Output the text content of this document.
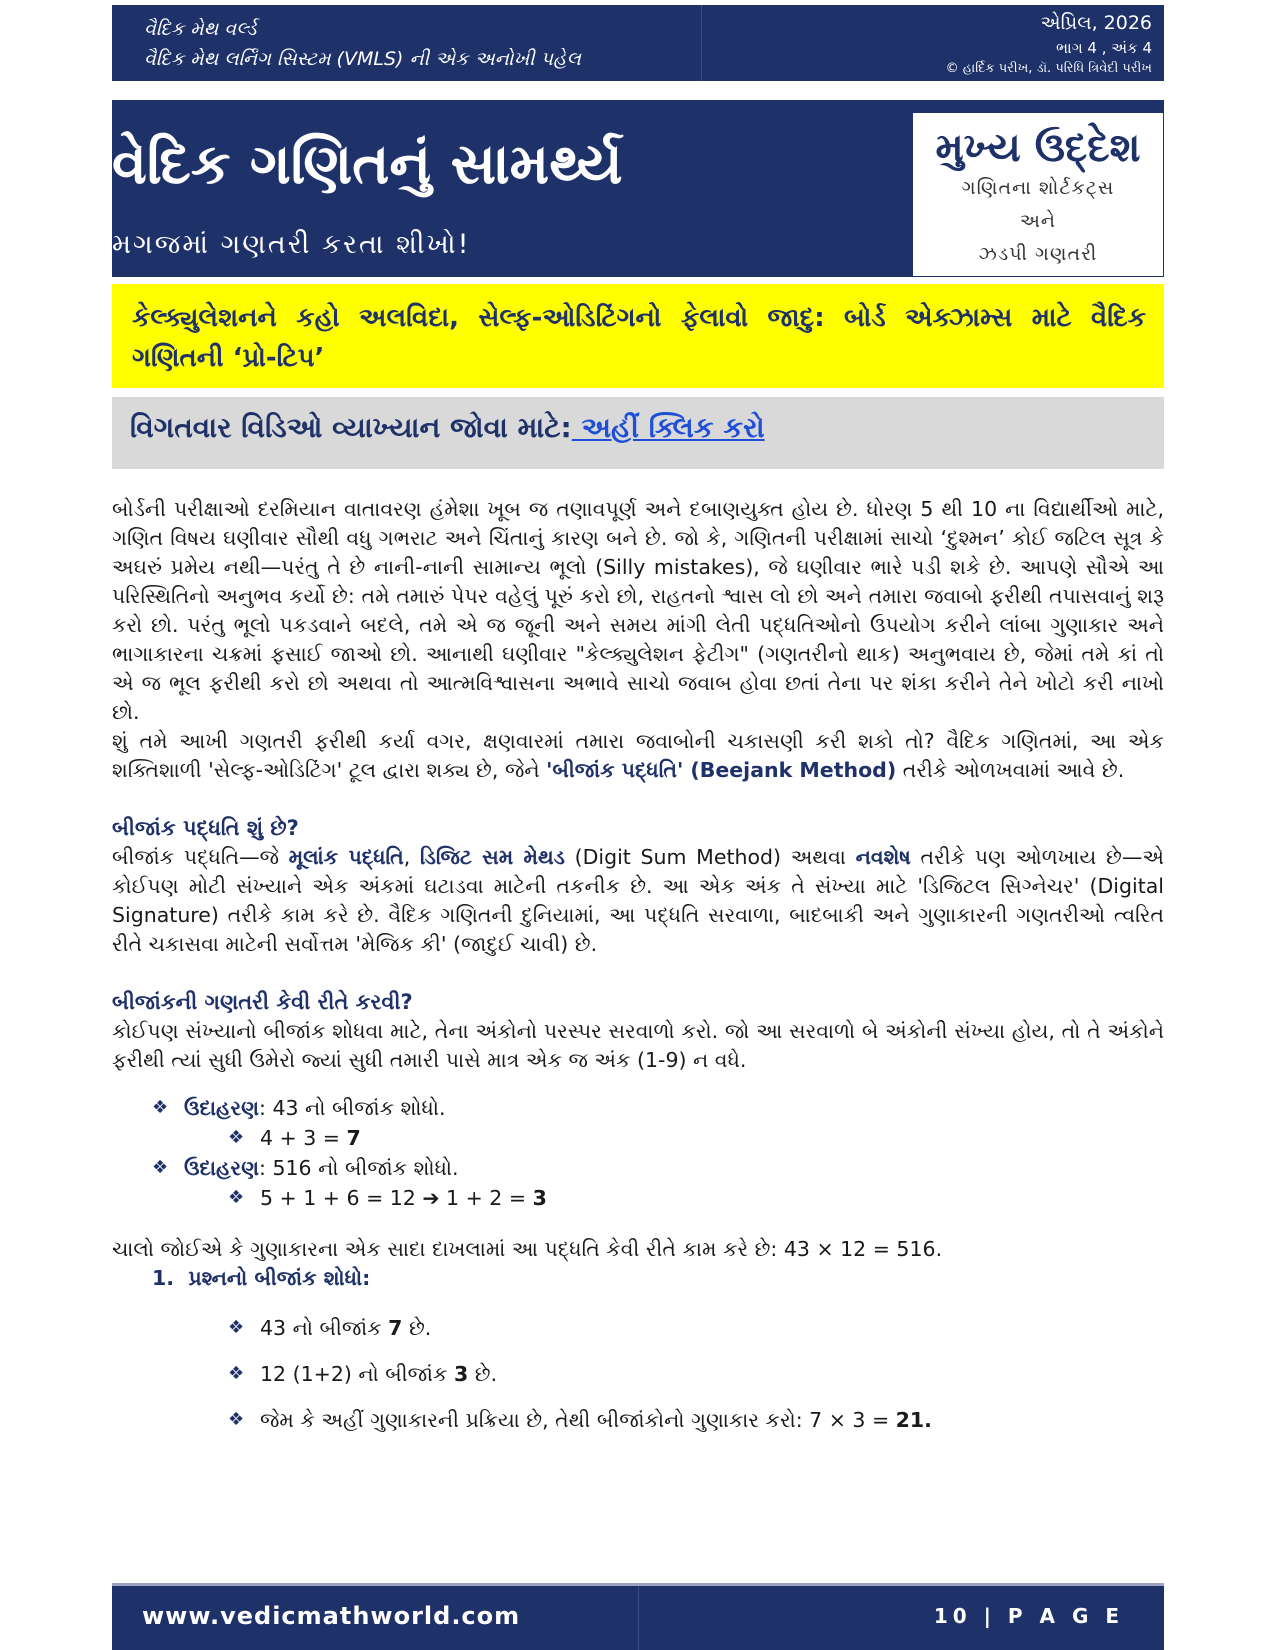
વૈદિક મેથ વર્લ્ડ
વૈદિક મેથ લર્નિંગ સિસ્ટમ (VMLS) ની એક અનોખી પહેલ
એપ્રિલ, 2026
ભાગ 4 , અંક 4
© હાર્દિક પરીખ, ડૉ. પરિધિ ત્રિવેદી પરીખ
વેદિક ગણિતનું સામર્થ્ય
મગજમાં ગણતરી કરતા શીખો!
મુખ્ય ઉદ્દેશ
ગણિતના શોર્ટકટ્સ
અને
ઝડપી ગણતરી
કેલ્ક્યુલેશનને કહો અલવિદા, સેલ્ફ-ઓડિટિંગનો ફેલાવો જાદુ: બોર્ડ એક્ઝામ્સ માટે વૈદિક ગણિતની ‘પ્રો-ટિપ’
વિગતવાર વિડિઓ વ્યાખ્યાન જોવા માટે: અહીં ક્લિક કરો

બોર્ડની પરીક્ષાઓ દરમિયાન વાતાવરણ હંમેશા ખૂબ જ તણાવપૂર્ણ અને દબાણયુક્ત હોય છે. ધોરણ 5 થી 10 ના વિદ્યાર્થીઓ માટે, ગણિત વિષય ઘણીવાર સૌથી વધુ ગભરાટ અને ચિંતાનું કારણ બને છે. જો કે, ગણિતની પરીક્ષામાં સાચો ‘દુશ્મન’ કોઈ જટિલ સૂત્ર કે અઘરું પ્રમેય નથી—પરંતુ તે છે નાની-નાની સામાન્ય ભૂલો (Silly mistakes), જે ઘણીવાર ભારે પડી શકે છે. આપણે સૌએ આ પરિસ્થિતિનો અનુભવ કર્યો છે: તમે તમારું પેપર વહેલું પૂરું કરો છો, રાહતનો શ્વાસ લો છો અને તમારા જવાબો ફરીથી તપાસવાનું શરૂ કરો છો. પરંતુ ભૂલો પકડવાને બદલે, તમે એ જ જૂની અને સમય માંગી લેતી પદ્ધતિઓનો ઉપયોગ કરીને લાંબા ગુણાકાર અને ભાગાકારના ચક્રમાં ફસાઈ જાઓ છો. આનાથી ઘણીવાર "કેલ્ક્યુલેશન ફેટીગ" (ગણતરીનો થાક) અનુભવાય છે, જેમાં તમે કાં તો એ જ ભૂલ ફરીથી કરો છો અથવા તો આત્મવિશ્વાસના અભાવે સાચો જવાબ હોવા છતાં તેના પર શંકા કરીને તેને ખોટો કરી નાખો છો.

શું તમે આખી ગણતરી ફરીથી કર્યા વગર, ક્ષણવારમાં તમારા જવાબોની ચકાસણી કરી શકો તો? વૈદિક ગણિતમાં, આ એક શક્તિશાળી 'સેલ્ફ-ઓડિટિંગ' ટૂલ દ્વારા શક્ય છે, જેને 'બીજાંક પદ્ધતિ' (Beejank Method) તરીકે ઓળખવામાં આવે છે.

બીજાંક પદ્ધતિ શું છે?

બીજાંક પદ્ધતિ—જે મૂલાંક પદ્ધતિ, ડિજિટ સમ મેથડ (Digit Sum Method) અથવા નવશેષ તરીકે પણ ઓળખાય છે—એ કોઈપણ મોટી સંખ્યાને એક અંકમાં ઘટાડવા માટેની તકનીક છે. આ એક અંક તે સંખ્યા માટે 'ડિજિટલ સિગ્નેચર' (Digital Signature) તરીકે કામ કરે છે. વૈદિક ગણિતની દુનિયામાં, આ પદ્ધતિ સરવાળા, બાદબાકી અને ગુણાકારની ગણતરીઓ ત્વરિત રીતે ચકાસવા માટેની સર્વોત્તમ 'મેજિક કી' (જાદુઈ ચાવી) છે.

બીજાંકની ગણતરી કેવી રીતે કરવી?

કોઈપણ સંખ્યાનો બીજાંક શોધવા માટે, તેના અંકોનો પરસ્પર સરવાળો કરો. જો આ સરવાળો બે અંકોની સંખ્યા હોય, તો તે અંકોને ફરીથી ત્યાં સુધી ઉમેરો જ્યાં સુધી તમારી પાસે માત્ર એક જ અંક (1-9) ન વધે.

❖ ઉદાહરણ: 43 નો બીજાંક શોધો.
❖ 4 + 3 = 7
❖ ઉદાહરણ: 516 નો બીજાંક શોધો.
❖ 5 + 1 + 6 = 12 ➔ 1 + 2 = 3

ચાલો જોઈએ કે ગુણાકારના એક સાદા દાખલામાં આ પદ્ધતિ કેવી રીતે કામ કરે છે: 43 × 12 = 516.

1. પ્રશ્નનો બીજાંક શોધો:
❖ 43 નો બીજાંક 7 છે.
❖ 12 (1+2) નો બીજાંક 3 છે.
❖ જેમ કે અહીં ગુણાકારની પ્રક્રિયા છે, તેથી બીજાંકોનો ગુણાકાર કરો: 7 × 3 = 21.
www.vedicmathworld.com	10 | P A G E
